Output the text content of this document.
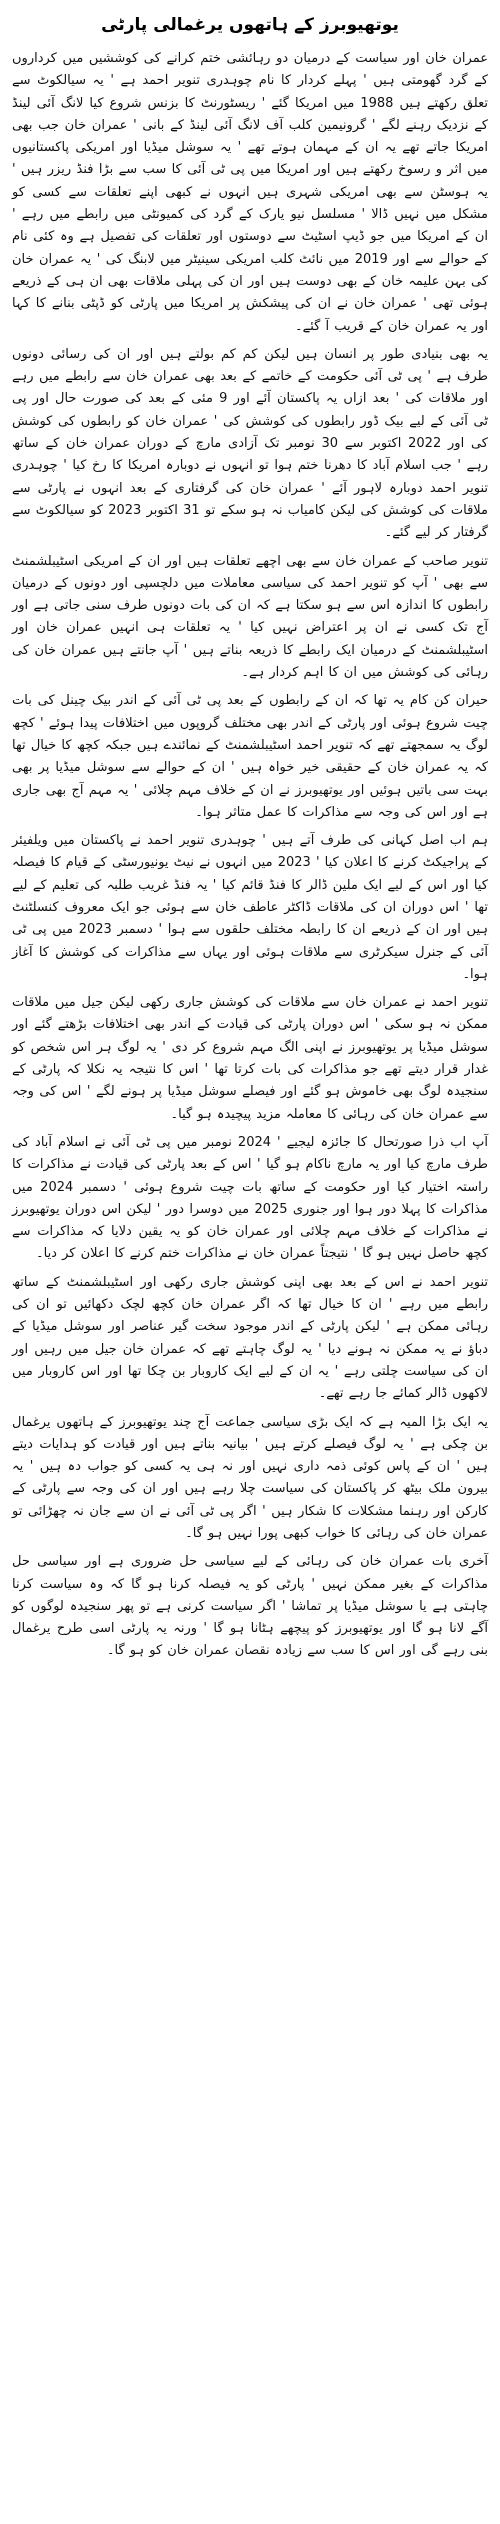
یوتھیوبرز کے ہاتھوں یرغمالی پارٹی

عمران خان اور سیاست کے درمیان دو رہائشی ختم کرانے کی کوششیں میں کرداروں کے گرد گھومتی ہیں ' پہلے کردار کا نام چوہدری تنویر احمد ہے ' یہ سیالکوٹ سے تعلق رکھتے ہیں 1988 میں امریکا گئے ' ریسٹورنٹ کا بزنس شروع کیا لانگ آئی لینڈ کے نزدیک رہنے لگے ' گرونیمین کلب آف لانگ آئی لینڈ کے بانی ' عمران خان جب بھی امریکا جاتے تھے یہ ان کے مہمان ہوتے تھے ' یہ سوشل میڈیا اور امریکی پاکستانیوں میں اثر و رسوخ رکھتے ہیں اور امریکا میں پی ٹی آئی کا سب سے بڑا فنڈ ریزر ہیں ' یہ ہوسٹن سے بھی امریکی شہری ہیں انہوں نے کبھی اپنے تعلقات سے کسی کو مشکل میں نہیں ڈالا ' مسلسل نیو یارک کے گرد کی کمیونٹی میں رابطے میں رہے ' ان کے امریکا میں جو ڈیپ اسٹیٹ سے دوستوں اور تعلقات کی تفصیل ہے وہ کئی نام کے حوالے سے اور 2019 میں نائٹ کلب امریکی سینیٹر میں لابنگ کی ' یہ عمران خان کی بہن علیمہ خان کے بھی دوست ہیں اور ان کی پہلی ملاقات بھی ان ہی کے ذریعے ہوئی تھی ' عمران خان نے ان کی پیشکش پر امریکا میں پارٹی کو ڈپٹی بنانے کا کہا اور یہ عمران خان کے قریب آ گئے۔

یہ بھی بنیادی طور پر انسان ہیں لیکن کم کم بولتے ہیں اور ان کی رسائی دونوں طرف ہے ' پی ٹی آئی حکومت کے خاتمے کے بعد بھی عمران خان سے رابطے میں رہے اور ملاقات کی ' بعد ازاں یہ پاکستان آئے اور 9 مئی کے بعد کی صورت حال اور پی ٹی آئی کے لیے بیک ڈور رابطوں کی کوشش کی ' عمران خان کو رابطوں کی کوشش کی اور 2022 اکتوبر سے 30 نومبر تک آزادی مارچ کے دوران عمران خان کے ساتھ رہے ' جب اسلام آباد کا دھرنا ختم ہوا تو انہوں نے دوبارہ امریکا کا رخ کیا ' چوہدری تنویر احمد دوبارہ لاہور آئے ' عمران خان کی گرفتاری کے بعد انہوں نے پارٹی سے ملاقات کی کوشش کی لیکن کامیاب نہ ہو سکے تو 31 اکتوبر 2023 کو سیالکوٹ سے گرفتار کر لیے گئے۔

تنویر صاحب کے عمران خان سے بھی اچھے تعلقات ہیں اور ان کے امریکی اسٹیبلشمنٹ سے بھی ' آپ کو تنویر احمد کی سیاسی معاملات میں دلچسپی اور دونوں کے درمیان رابطوں کا اندازہ اس سے ہو سکتا ہے کہ ان کی بات دونوں طرف سنی جاتی ہے اور آج تک کسی نے ان پر اعتراض نہیں کیا ' یہ تعلقات ہی انہیں عمران خان اور اسٹیبلشمنٹ کے درمیان ایک رابطے کا ذریعہ بناتے ہیں ' آپ جانتے ہیں عمران خان کی رہائی کی کوشش میں ان کا اہم کردار ہے۔

حیران کن کام یہ تھا کہ ان کے رابطوں کے بعد پی ٹی آئی کے اندر بیک چینل کی بات چیت شروع ہوئی اور پارٹی کے اندر بھی مختلف گروپوں میں اختلافات پیدا ہوئے ' کچھ لوگ یہ سمجھتے تھے کہ تنویر احمد اسٹیبلشمنٹ کے نمائندے ہیں جبکہ کچھ کا خیال تھا کہ یہ عمران خان کے حقیقی خیر خواہ ہیں ' ان کے حوالے سے سوشل میڈیا پر بھی بہت سی باتیں ہوئیں اور یوتھیوبرز نے ان کے خلاف مہم چلائی ' یہ مہم آج بھی جاری ہے اور اس کی وجہ سے مذاکرات کا عمل متاثر ہوا۔

ہم اب اصل کہانی کی طرف آتے ہیں ' چوہدری تنویر احمد نے پاکستان میں ویلفیئر کے پراجیکٹ کرنے کا اعلان کیا ' 2023 میں انہوں نے نیٹ یونیورسٹی کے قیام کا فیصلہ کیا اور اس کے لیے ایک ملین ڈالر کا فنڈ قائم کیا ' یہ فنڈ غریب طلبہ کی تعلیم کے لیے تھا ' اس دوران ان کی ملاقات ڈاکٹر عاطف خان سے ہوئی جو ایک معروف کنسلٹنٹ ہیں اور ان کے ذریعے ان کا رابطہ مختلف حلقوں سے ہوا ' دسمبر 2023 میں پی ٹی آئی کے جنرل سیکرٹری سے ملاقات ہوئی اور یہاں سے مذاکرات کی کوشش کا آغاز ہوا۔

تنویر احمد نے عمران خان سے ملاقات کی کوشش جاری رکھی لیکن جیل میں ملاقات ممکن نہ ہو سکی ' اس دوران پارٹی کی قیادت کے اندر بھی اختلافات بڑھتے گئے اور سوشل میڈیا پر یوتھیوبرز نے اپنی الگ مہم شروع کر دی ' یہ لوگ ہر اس شخص کو غدار قرار دیتے تھے جو مذاکرات کی بات کرتا تھا ' اس کا نتیجہ یہ نکلا کہ پارٹی کے سنجیدہ لوگ بھی خاموش ہو گئے اور فیصلے سوشل میڈیا پر ہونے لگے ' اس کی وجہ سے عمران خان کی رہائی کا معاملہ مزید پیچیدہ ہو گیا۔

آپ اب ذرا صورتحال کا جائزہ لیجیے ' 2024 نومبر میں پی ٹی آئی نے اسلام آباد کی طرف مارچ کیا اور یہ مارچ ناکام ہو گیا ' اس کے بعد پارٹی کی قیادت نے مذاکرات کا راستہ اختیار کیا اور حکومت کے ساتھ بات چیت شروع ہوئی ' دسمبر 2024 میں مذاکرات کا پہلا دور ہوا اور جنوری 2025 میں دوسرا دور ' لیکن اس دوران یوتھیوبرز نے مذاکرات کے خلاف مہم چلائی اور عمران خان کو یہ یقین دلایا کہ مذاکرات سے کچھ حاصل نہیں ہو گا ' نتیجتاً عمران خان نے مذاکرات ختم کرنے کا اعلان کر دیا۔

تنویر احمد نے اس کے بعد بھی اپنی کوشش جاری رکھی اور اسٹیبلشمنٹ کے ساتھ رابطے میں رہے ' ان کا خیال تھا کہ اگر عمران خان کچھ لچک دکھائیں تو ان کی رہائی ممکن ہے ' لیکن پارٹی کے اندر موجود سخت گیر عناصر اور سوشل میڈیا کے دباؤ نے یہ ممکن نہ ہونے دیا ' یہ لوگ چاہتے تھے کہ عمران خان جیل میں رہیں اور ان کی سیاست چلتی رہے ' یہ ان کے لیے ایک کاروبار بن چکا تھا اور اس کاروبار میں لاکھوں ڈالر کمائے جا رہے تھے۔

یہ ایک بڑا المیہ ہے کہ ایک بڑی سیاسی جماعت آج چند یوتھیوبرز کے ہاتھوں یرغمال بن چکی ہے ' یہ لوگ فیصلے کرتے ہیں ' بیانیہ بناتے ہیں اور قیادت کو ہدایات دیتے ہیں ' ان کے پاس کوئی ذمہ داری نہیں اور نہ ہی یہ کسی کو جواب دہ ہیں ' یہ بیرون ملک بیٹھ کر پاکستان کی سیاست چلا رہے ہیں اور ان کی وجہ سے پارٹی کے کارکن اور رہنما مشکلات کا شکار ہیں ' اگر پی ٹی آئی نے ان سے جان نہ چھڑائی تو عمران خان کی رہائی کا خواب کبھی پورا نہیں ہو گا۔

آخری بات عمران خان کی رہائی کے لیے سیاسی حل ضروری ہے اور سیاسی حل مذاکرات کے بغیر ممکن نہیں ' پارٹی کو یہ فیصلہ کرنا ہو گا کہ وہ سیاست کرنا چاہتی ہے یا سوشل میڈیا پر تماشا ' اگر سیاست کرنی ہے تو پھر سنجیدہ لوگوں کو آگے لانا ہو گا اور یوتھیوبرز کو پیچھے ہٹانا ہو گا ' ورنہ یہ پارٹی اسی طرح یرغمال بنی رہے گی اور اس کا سب سے زیادہ نقصان عمران خان کو ہو گا۔
